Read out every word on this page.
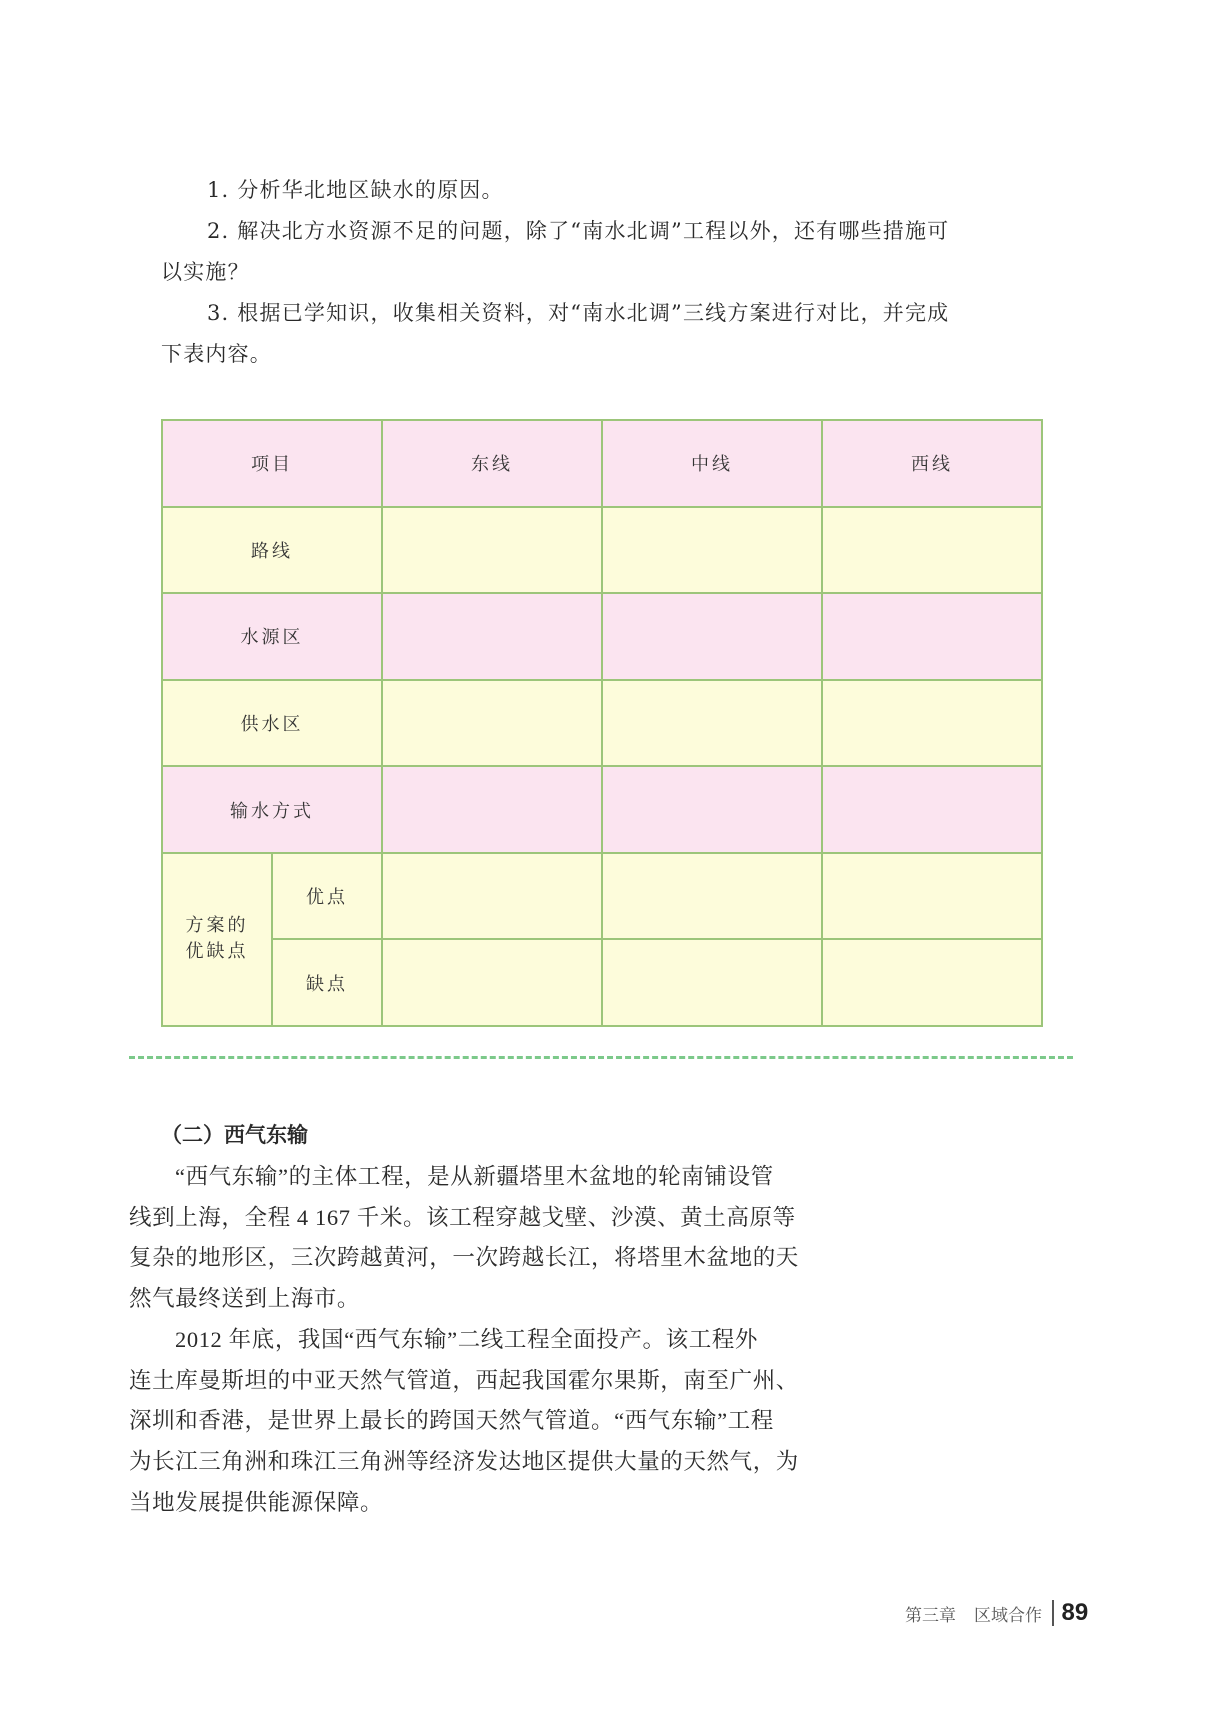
1. 分析华北地区缺水的原因。
2. 解决北方水资源不足的问题，除了“南水北调”工程以外，还有哪些措施可
以实施？
3. 根据已学知识，收集相关资料，对“南水北调”三线方案进行对比，并完成
下表内容。
项目		东线	中线	西线
路线				
水源区				
供水区				
输水方式				
方案的
优缺点	优点			
	缺点			
（二）西气东输
“西气东输”的主体工程，是从新疆塔里木盆地的轮南铺设管
线到上海，全程 4 167 千米。该工程穿越戈壁、沙漠、黄土高原等
复杂的地形区，三次跨越黄河，一次跨越长江，将塔里木盆地的天
然气最终送到上海市。
2012 年底，我国“西气东输”二线工程全面投产。该工程外
连土库曼斯坦的中亚天然气管道，西起我国霍尔果斯，南至广州、
深圳和香港，是世界上最长的跨国天然气管道。“西气东输”工程
为长江三角洲和珠江三角洲等经济发达地区提供大量的天然气，为
当地发展提供能源保障。
第三章 区域合作 89
